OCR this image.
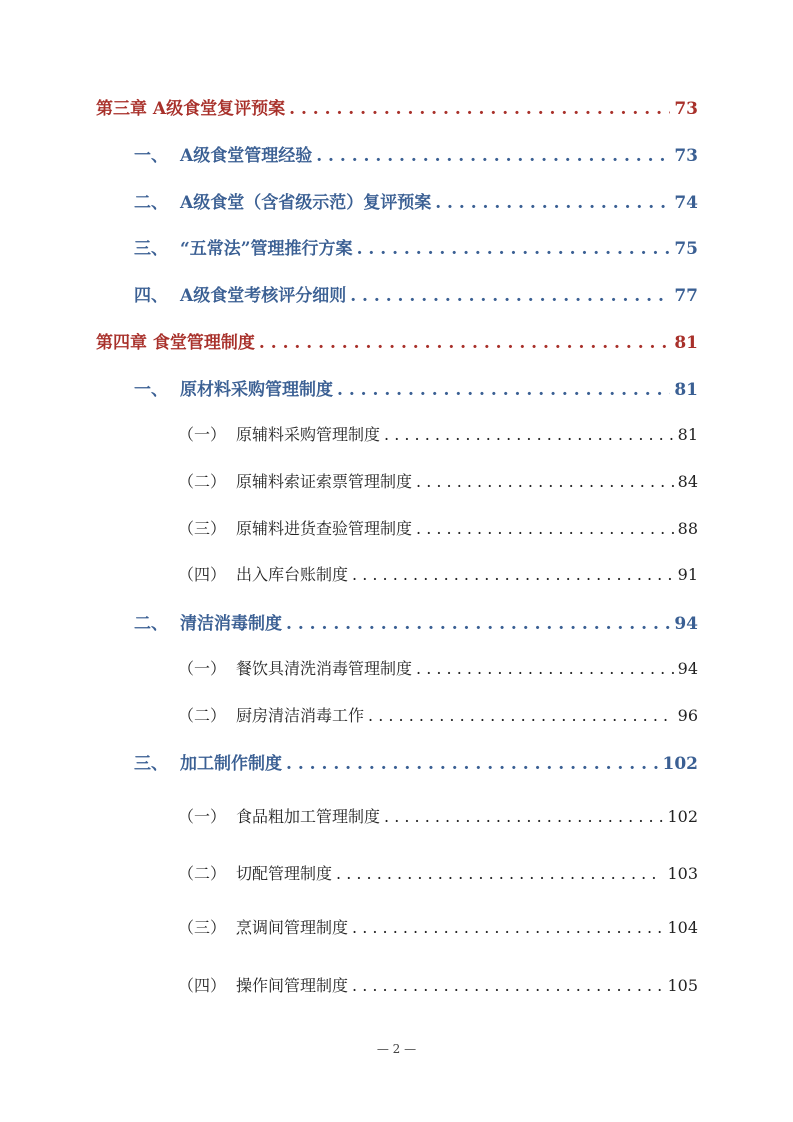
第三章 A级食堂复评预案 . . .	73
一、 A级食堂管理经验 . . .	73
二、 A级食堂（含省级示范）复评预案 . . .	74
三、 “五常法”管理推行方案 . . .	75
四、 A级食堂考核评分细则 . . .	77
第四章 食堂管理制度 . . .	81
一、 原材料采购管理制度 . . .	81
（一） 原辅料采购管理制度 . . .	81
（二） 原辅料索证索票管理制度 . . .	84
（三） 原辅料进货查验管理制度 . . .	88
（四） 出入库台账制度 . . .	91
二、 清洁消毒制度 . . .	94
（一） 餐饮具清洗消毒管理制度 . . .	94
（二） 厨房清洁消毒工作 . . .	96
三、 加工制作制度 . . .	102
（一） 食品粗加工管理制度 . . .	102
（二） 切配管理制度 . . .	103
（三） 烹调间管理制度 . . .	104
（四） 操作间管理制度 . . .	105
— 2 —
